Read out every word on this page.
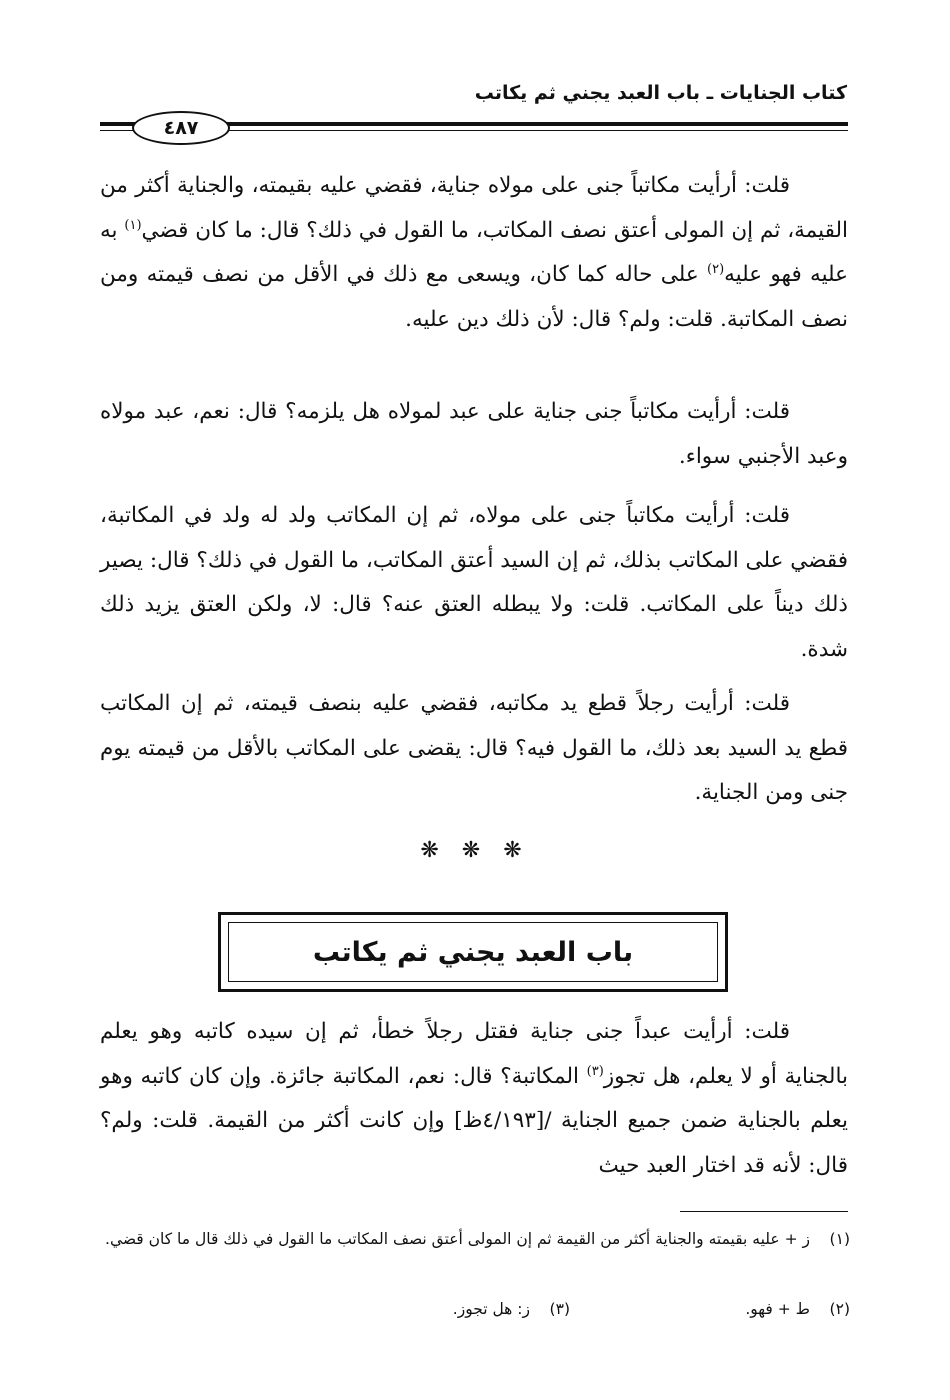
كتاب الجنايات ـ باب العبد يجني ثم يكاتب
٤٨٧

قلت: أرأيت مكاتباً جنى على مولاه جناية، فقضي عليه بقيمته، والجناية أكثر من القيمة، ثم إن المولى أعتق نصف المكاتب، ما القول في ذلك؟ قال: ما كان قضي$^{(١)}$ به عليه فهو عليه$^{(٢)}$ على حاله كما كان، ويسعى مع ذلك في الأقل من نصف قيمته ومن نصف المكاتبة. قلت: ولم؟ قال: لأن ذلك دين عليه.

قلت: أرأيت مكاتباً جنى جناية على عبد لمولاه هل يلزمه؟ قال: نعم، عبد مولاه وعبد الأجنبي سواء.

قلت: أرأيت مكاتباً جنى على مولاه، ثم إن المكاتب ولد له ولد في المكاتبة، فقضي على المكاتب بذلك، ثم إن السيد أعتق المكاتب، ما القول في ذلك؟ قال: يصير ذلك ديناً على المكاتب. قلت: ولا يبطله العتق عنه؟ قال: لا، ولكن العتق يزيد ذلك شدة.

قلت: أرأيت رجلاً قطع يد مكاتبه، فقضي عليه بنصف قيمته، ثم إن المكاتب قطع يد السيد بعد ذلك، ما القول فيه؟ قال: يقضى على المكاتب بالأقل من قيمته يوم جنى ومن الجناية.

❋ ❋ ❋
باب العبد يجني ثم يكاتب

قلت: أرأيت عبداً جنى جناية فقتل رجلاً خطأ، ثم إن سيده كاتبه وهو يعلم بالجناية أو لا يعلم، هل تجوز$^{(٣)}$ المكاتبة؟ قال: نعم، المكاتبة جائزة. وإن كان كاتبه وهو يعلم بالجناية ضمن جميع الجناية ‎/[٤/١٩٣ظ]‎ وإن كانت أكثر من القيمة. قلت: ولم؟ قال: لأنه قد اختار العبد حيث

(١)
ز + عليه بقيمته والجناية أكثر من القيمة ثم إن المولى أعتق نصف المكاتب ما القول في ذلك قال ما كان قضي.

(٢)ط + فهو.

(٣)ز: هل تجوز.
